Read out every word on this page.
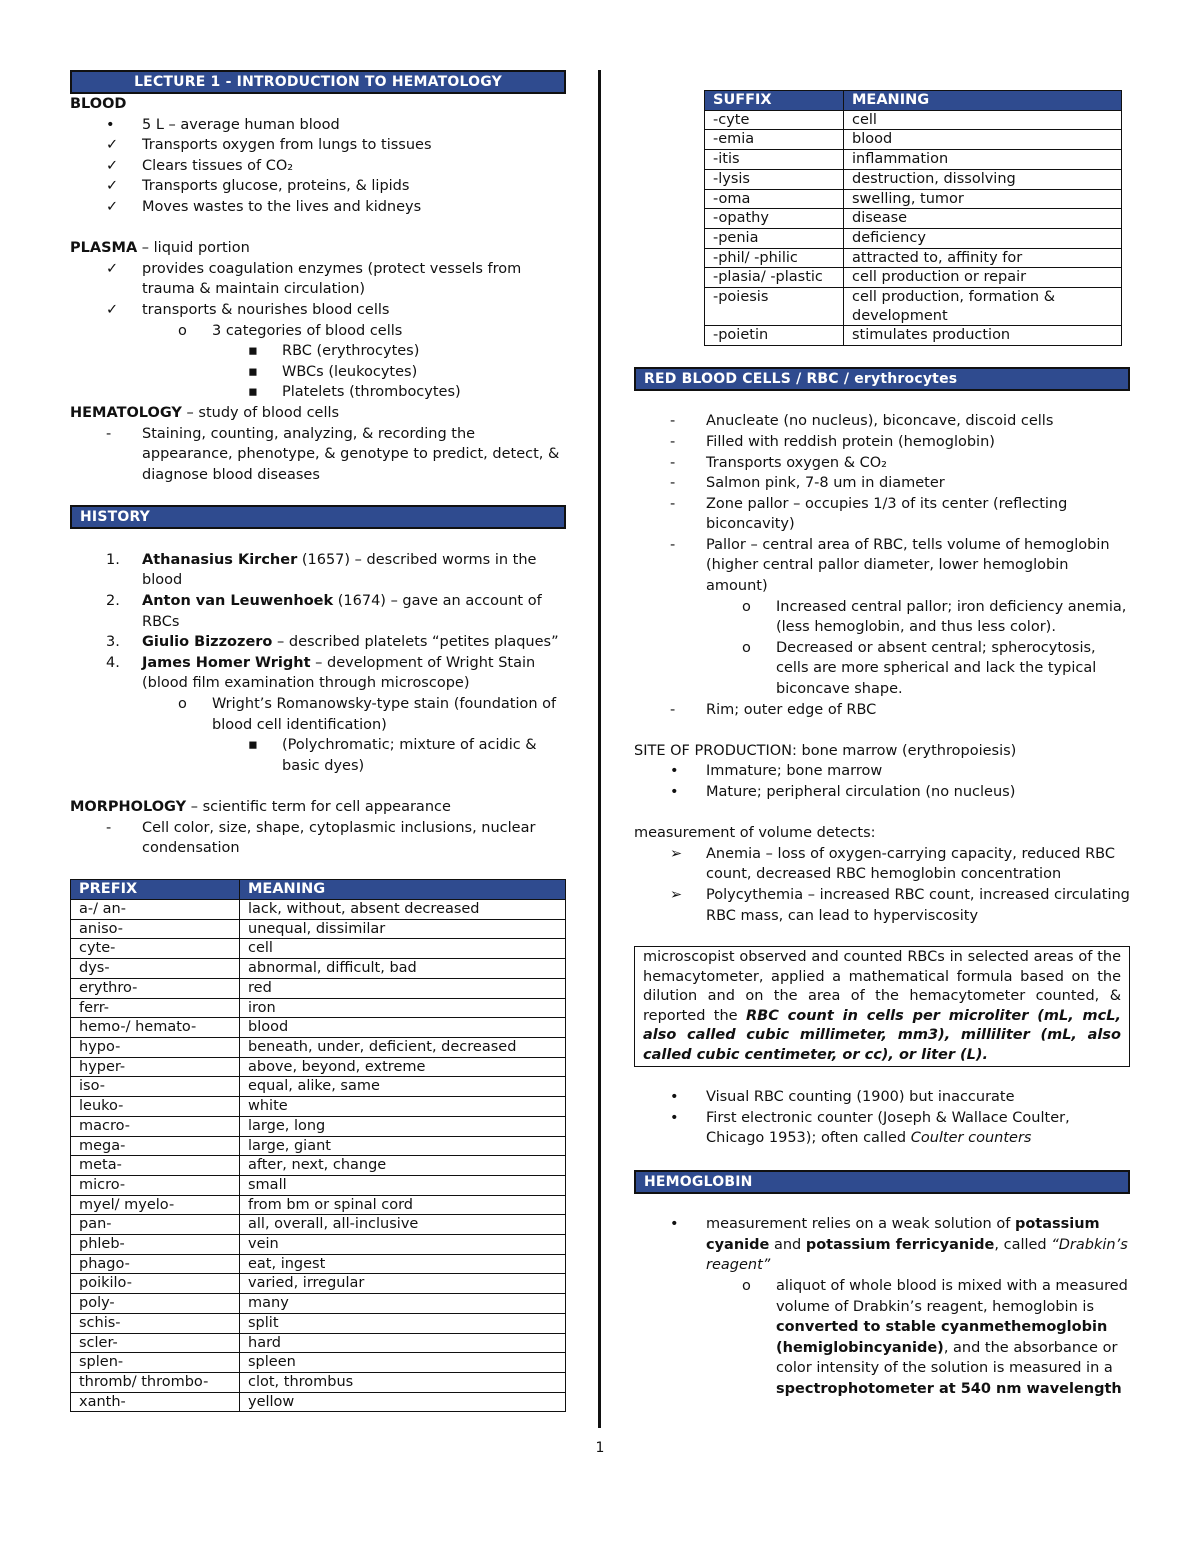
LECTURE 1 - INTRODUCTION TO HEMATOLOGY

BLOOD

• 5 L – average human blood
✓ Transports oxygen from lungs to tissues
✓ Clears tissues of CO₂
✓ Transports glucose, proteins, & lipids
✓ Moves wastes to the lives and kidneys

PLASMA – liquid portion

✓ provides coagulation enzymes (protect vessels from trauma & maintain circulation)
✓ transports & nourishes blood cells
o 3 categories of blood cells
▪ RBC (erythrocytes)
▪ WBCs (leukocytes)
▪ Platelets (thrombocytes)

HEMATOLOGY – study of blood cells

- Staining, counting, analyzing, & recording the appearance, phenotype, & genotype to predict, detect, & diagnose blood diseases
HISTORY
1. Athanasius Kircher (1657) – described worms in the blood
2. Anton van Leuwenhoek (1674) – gave an account of RBCs
3. Giulio Bizzozero – described platelets “petites plaques”
4. James Homer Wright – development of Wright Stain (blood film examination through microscope)
o Wright’s Romanowsky-type stain (foundation of blood cell identification)
▪ (Polychromatic; mixture of acidic & basic dyes)

MORPHOLOGY – scientific term for cell appearance

- Cell color, size, shape, cytoplasmic inclusions, nuclear condensation
PREFIX	MEANING
a-/ an-	lack, without, absent decreased
aniso-	unequal, dissimilar
cyte-	cell
dys-	abnormal, difficult, bad
erythro-	red
ferr-	iron
hemo-/ hemato-	blood
hypo-	beneath, under, deficient, decreased
hyper-	above, beyond, extreme
iso-	equal, alike, same
leuko-	white
macro-	large, long
mega-	large, giant
meta-	after, next, change
micro-	small
myel/ myelo-	from bm or spinal cord
pan-	all, overall, all-inclusive
phleb-	vein
phago-	eat, ingest
poikilo-	varied, irregular
poly-	many
schis-	split
scler-	hard
splen-	spleen
thromb/ thrombo-	clot, thrombus
xanth-	yellow
SUFFIX	MEANING
-cyte	cell
-emia	blood
-itis	inflammation
-lysis	destruction, dissolving
-oma	swelling, tumor
-opathy	disease
-penia	deficiency
-phil/ -philic	attracted to, affinity for
-plasia/ -plastic	cell production or repair
-poiesis	cell production, formation & development
-poietin	stimulates production
RED BLOOD CELLS / RBC / erythrocytes
- Anucleate (no nucleus), biconcave, discoid cells
- Filled with reddish protein (hemoglobin)
- Transports oxygen & CO₂
- Salmon pink, 7-8 um in diameter
- Zone pallor – occupies 1/3 of its center (reflecting biconcavity)
- Pallor – central area of RBC, tells volume of hemoglobin (higher central pallor diameter, lower hemoglobin amount)
o Increased central pallor; iron deficiency anemia, (less hemoglobin, and thus less color).
o Decreased or absent central; spherocytosis, cells are more spherical and lack the typical biconcave shape.
- Rim; outer edge of RBC

SITE OF PRODUCTION: bone marrow (erythropoiesis)

• Immature; bone marrow
• Mature; peripheral circulation (no nucleus)

measurement of volume detects:

➢ Anemia – loss of oxygen-carrying capacity, reduced RBC count, decreased RBC hemoglobin concentration
➢ Polycythemia – increased RBC count, increased circulating RBC mass, can lead to hyperviscosity
microscopist observed and counted RBCs in selected areas of the hemacytometer, applied a mathematical formula based on the dilution and on the area of the hemacytometer counted, & reported the RBC count in cells per microliter (mL, mcL, also called cubic millimeter, mm3), milliliter (mL, also called cubic centimeter, or cc), or liter (L).
• Visual RBC counting (1900) but inaccurate
• First electronic counter (Joseph & Wallace Coulter, Chicago 1953); often called Coulter counters
HEMOGLOBIN
• measurement relies on a weak solution of potassium cyanide and potassium ferricyanide, called “Drabkin’s reagent”
o aliquot of whole blood is mixed with a measured volume of Drabkin’s reagent, hemoglobin is converted to stable cyanmethemoglobin (hemiglobincyanide), and the absorbance or color intensity of the solution is measured in a spectrophotometer at 540 nm wavelength
1
